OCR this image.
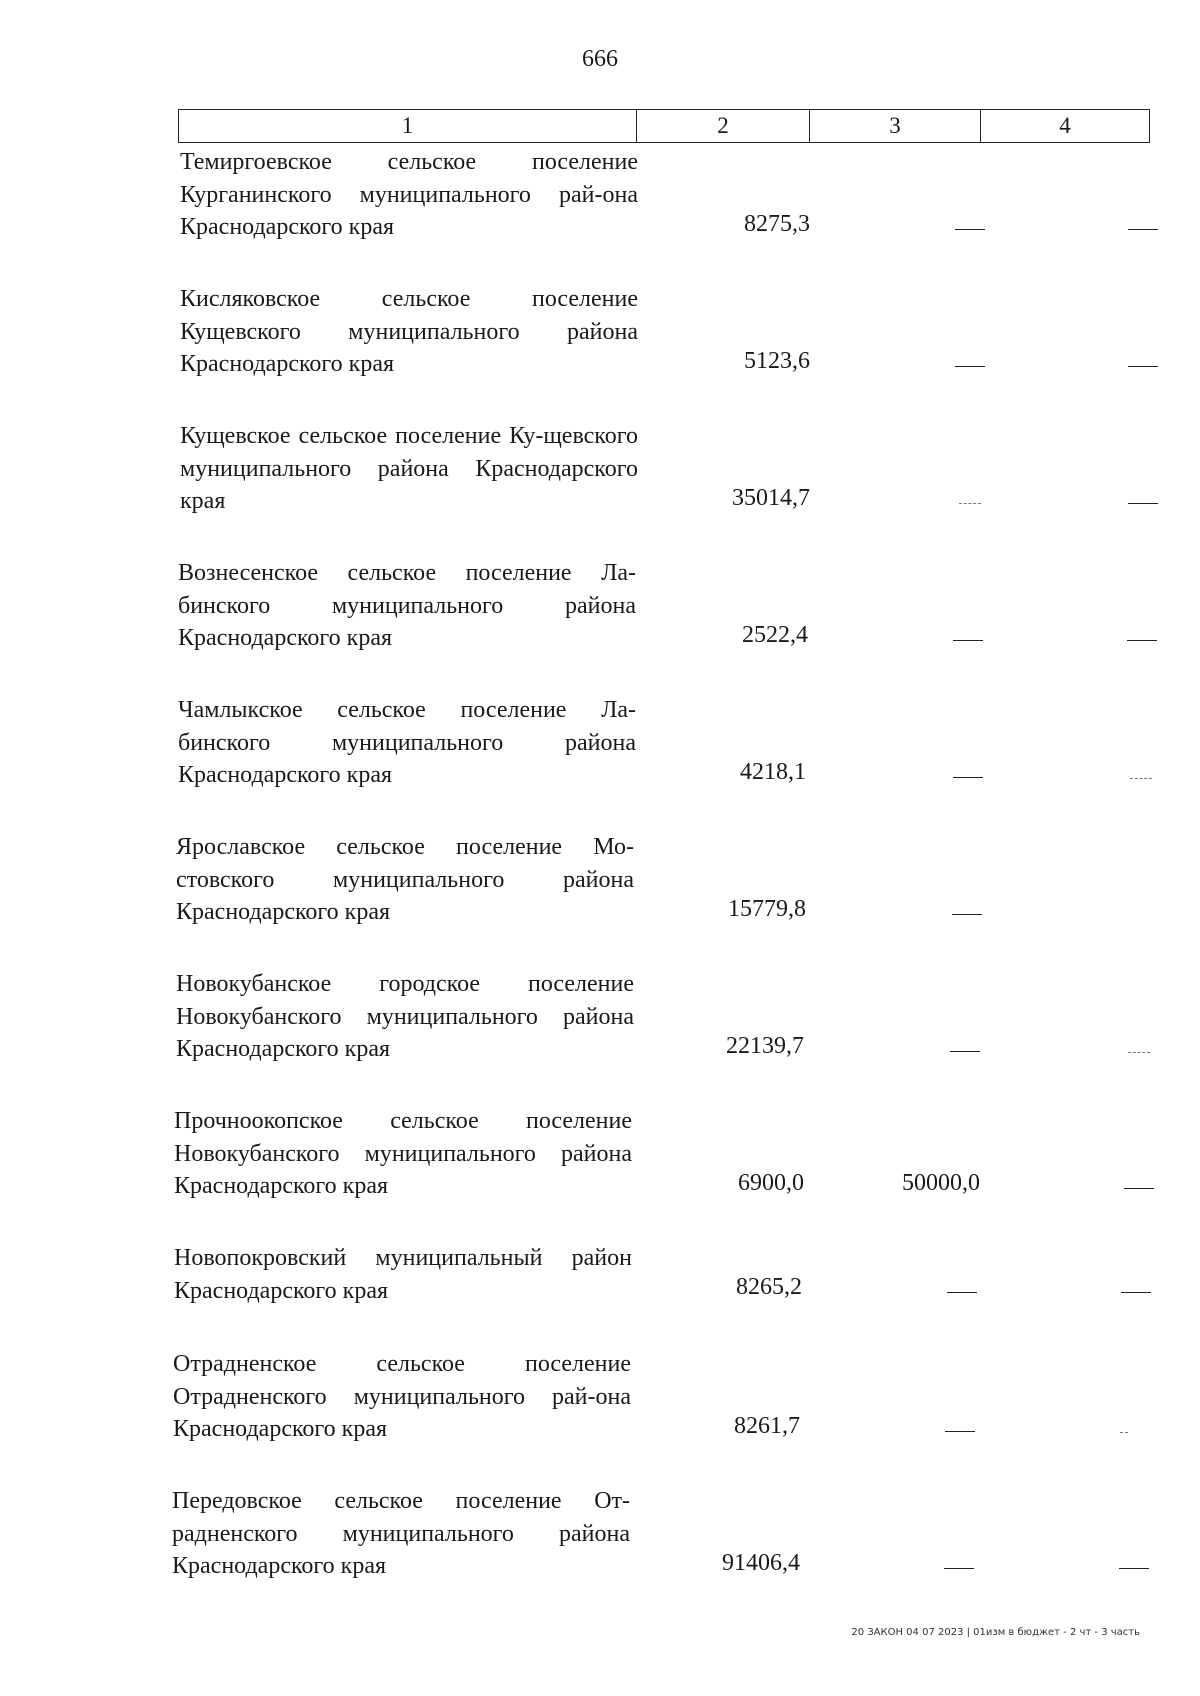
666
1	2	3	4
Темиргоевское сельское поселение Курганинского муниципального рай-она Краснодарского края	8275,3
Кисляковское сельское поселение Кущевского муниципального района Краснодарского края	5123,6
Кущевское сельское поселение Ку-щевского муниципального района Краснодарского края	35014,7
Вознесенское сельское поселение Ла-бинского муниципального района Краснодарского края	2522,4
Чамлыкское сельское поселение Ла-бинского муниципального района Краснодарского края	4218,1
Ярославское сельское поселение Мо-стовского муниципального района Краснодарского края	15779,8
Новокубанское городское поселение Новокубанского муниципального района Краснодарского края	22139,7
Прочноокопское сельское поселение Новокубанского муниципального района Краснодарского края	6900,0	50000,0
Новопокровский муниципальный район Краснодарского края	8265,2
Отрадненское сельское поселение Отрадненского муниципального рай-она Краснодарского края	8261,7
Передовское сельское поселение От-радненского муниципального района Краснодарского края	91406,4
20 ЗАКОН 04 07 2023 | 01изм в бюджет - 2 чт - 3 часть
